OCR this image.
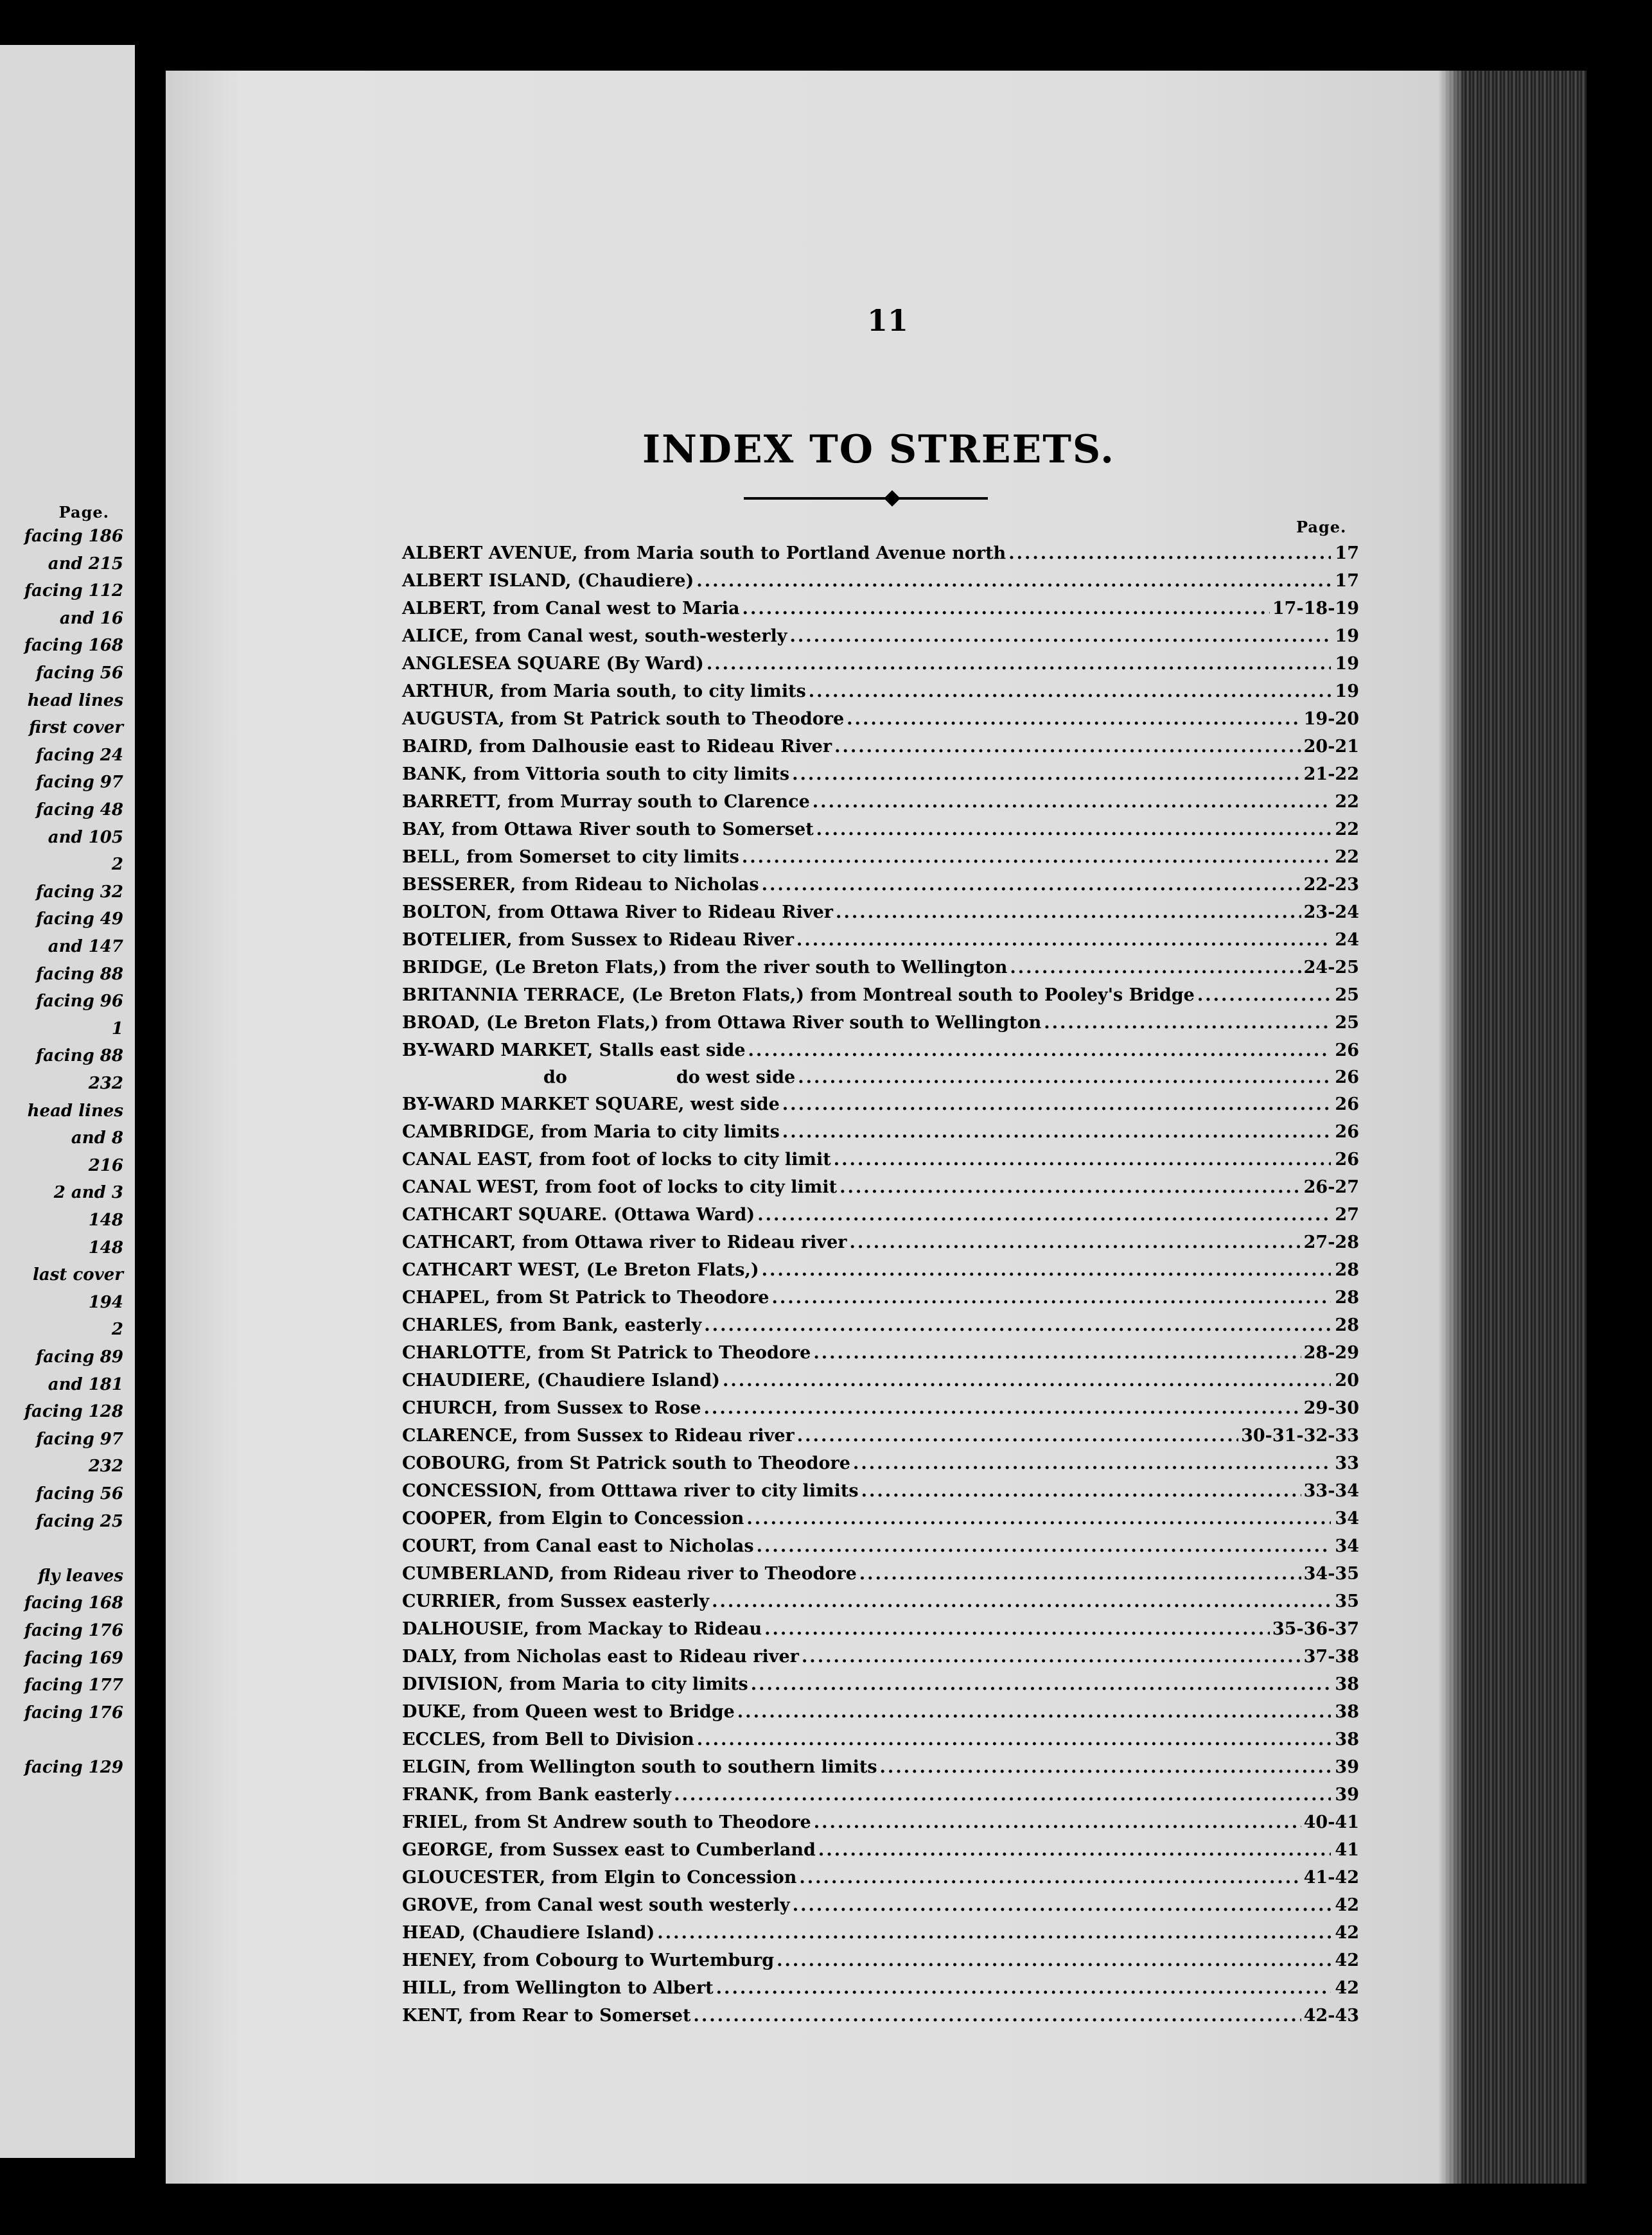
Page.
facing 186
and 215
facing 112
and 16
facing 168
facing 56
head lines
first cover
facing 24
facing 97
facing 48
and 105
2
facing 32
facing 49
and 147
facing 88
facing 96
1
facing 88
232
head lines
and 8
216
2 and 3
148
148
last cover
194
2
facing 89
and 181
facing 128
facing 97
232
facing 56
facing 25
fly leaves
facing 168
facing 176
facing 169
facing 177
facing 176
facing 129
11
INDEX TO STREETS.
Page.
ALBERT AVENUE, from Maria south to Portland Avenue north .....	17
ALBERT ISLAND, (Chaudiere) .....	17
ALBERT, from Canal west to Maria .....	17-18-19
ALICE, from Canal west, south-westerly .....	19
ANGLESEA SQUARE (By Ward) .....	19
ARTHUR, from Maria south, to city limits .....	19
AUGUSTA, from St Patrick south to Theodore .....	19-20
BAIRD, from Dalhousie east to Rideau River .....	20-21
BANK, from Vittoria south to city limits .....	21-22
BARRETT, from Murray south to Clarence .....	22
BAY, from Ottawa River south to Somerset .....	22
BELL, from Somerset to city limits .....	22
BESSERER, from Rideau to Nicholas .....	22-23
BOLTON, from Ottawa River to Rideau River .....	23-24
BOTELIER, from Sussex to Rideau River .....	24
BRIDGE, (Le Breton Flats,) from the river south to Wellington .....	24-25
BRITANNIA TERRACE, (Le Breton Flats,) from Montreal south to Pooley's Bridge .....	25
BROAD, (Le Breton Flats,) from Ottawa River south to Wellington .....	25
BY-WARD MARKET, Stalls east side .....	26
do	do west side .....	26
BY-WARD MARKET SQUARE, west side .....	26
CAMBRIDGE, from Maria to city limits .....	26
CANAL EAST, from foot of locks to city limit .....	26
CANAL WEST, from foot of locks to city limit .....	26-27
CATHCART SQUARE. (Ottawa Ward) .....	27
CATHCART, from Ottawa river to Rideau river .....	27-28
CATHCART WEST, (Le Breton Flats,) .....	28
CHAPEL, from St Patrick to Theodore .....	28
CHARLES, from Bank, easterly .....	28
CHARLOTTE, from St Patrick to Theodore .....	28-29
CHAUDIERE, (Chaudiere Island) .....	20
CHURCH, from Sussex to Rose .....	29-30
CLARENCE, from Sussex to Rideau river .....	30-31-32-33
COBOURG, from St Patrick south to Theodore .....	33
CONCESSION, from Otttawa river to city limits .....	33-34
COOPER, from Elgin to Concession .....	34
COURT, from Canal east to Nicholas .....	34
CUMBERLAND, from Rideau river to Theodore .....	34-35
CURRIER, from Sussex easterly .....	35
DALHOUSIE, from Mackay to Rideau .....	35-36-37
DALY, from Nicholas east to Rideau river .....	37-38
DIVISION, from Maria to city limits .....	38
DUKE, from Queen west to Bridge .....	38
ECCLES, from Bell to Division .....	38
ELGIN, from Wellington south to southern limits .....	39
FRANK, from Bank easterly .....	39
FRIEL, from St Andrew south to Theodore .....	40-41
GEORGE, from Sussex east to Cumberland .....	41
GLOUCESTER, from Elgin to Concession .....	41-42
GROVE, from Canal west south westerly .....	42
HEAD, (Chaudiere Island) .....	42
HENEY, from Cobourg to Wurtemburg .....	42
HILL, from Wellington to Albert .....	42
KENT, from Rear to Somerset .....	42-43
